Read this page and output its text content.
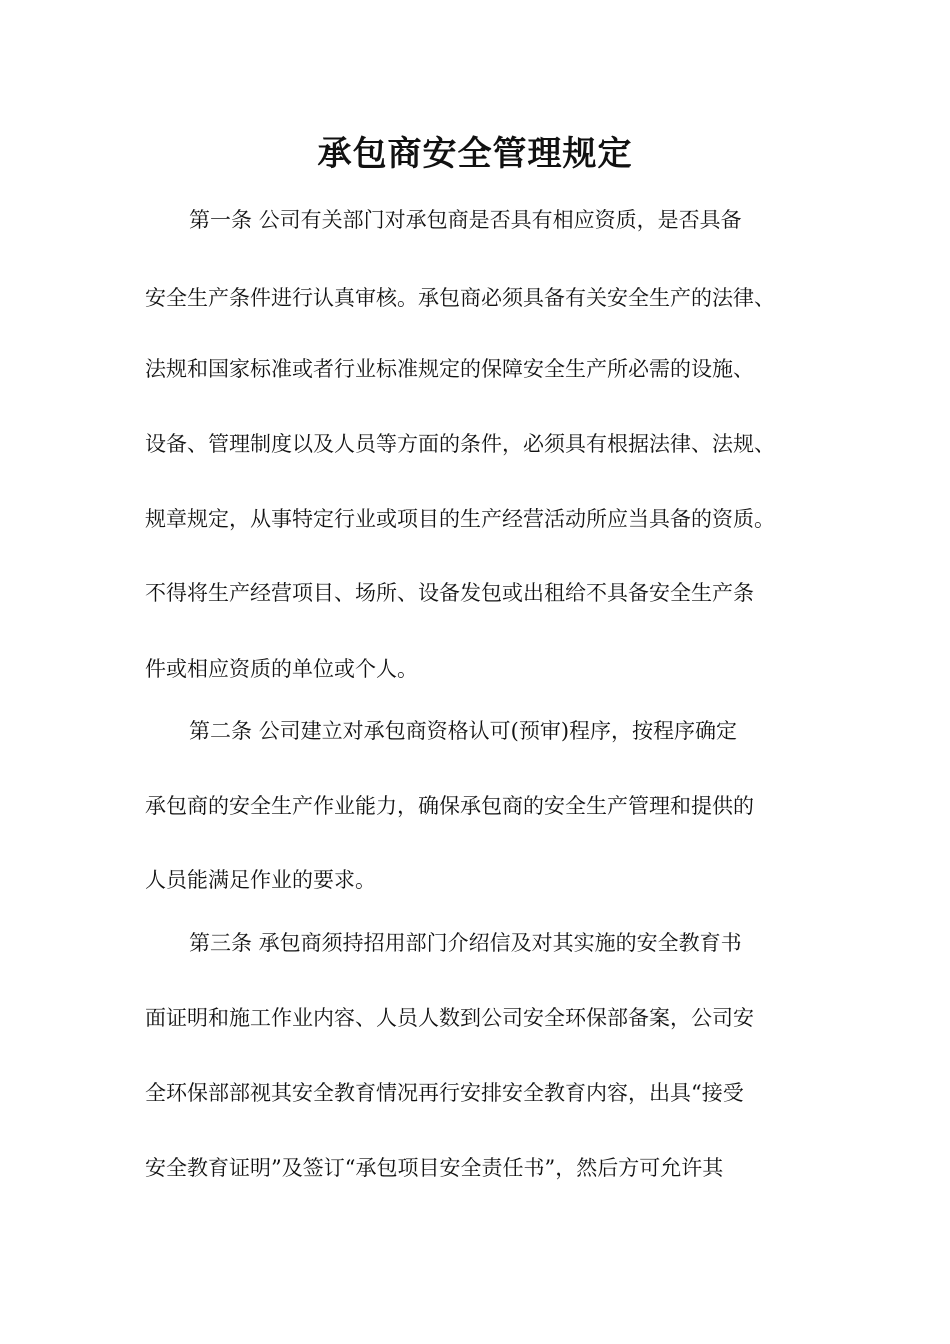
承包商安全管理规定
第一条 公司有关部门对承包商是否具有相应资质，是否具备
安全生产条件进行认真审核。承包商必须具备有关安全生产的法律、
法规和国家标准或者行业标准规定的保障安全生产所必需的设施、
设备、管理制度以及人员等方面的条件，必须具有根据法律、法规、
规章规定，从事特定行业或项目的生产经营活动所应当具备的资质。
不得将生产经营项目、场所、设备发包或出租给不具备安全生产条
件或相应资质的单位或个人。
第二条 公司建立对承包商资格认可(预审)程序，按程序确定
承包商的安全生产作业能力，确保承包商的安全生产管理和提供的
人员能满足作业的要求。
第三条 承包商须持招用部门介绍信及对其实施的安全教育书
面证明和施工作业内容、人员人数到公司安全环保部备案，公司安
全环保部部视其安全教育情况再行安排安全教育内容，出具“接受
安全教育证明”及签订“承包项目安全责任书”，然后方可允许其
